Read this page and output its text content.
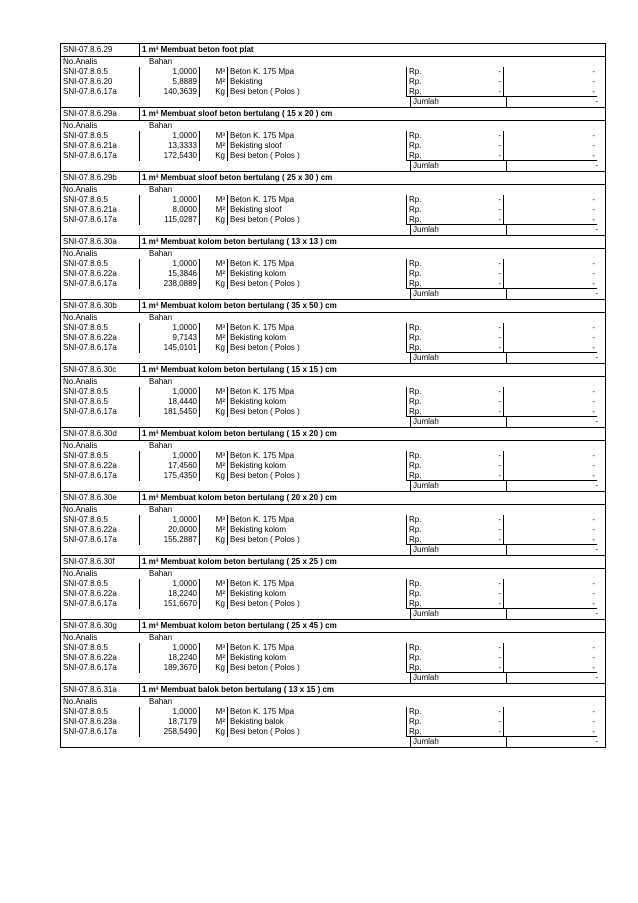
SNI-07.8.6.29	1 m³ Membuat beton foot plat
No.Analis	Bahan
SNI-07.8.6.5	1,0000	M³ Beton K. 175 Mpa	Rp.	-	-
SNI-07.8.6.20	5,8889	M² Bekisting	Rp.	-	-
SNI-07.8.6.17a	140,3639	Kg Besi beton ( Polos )	Rp.	-	-
Jumlah	-
SNI-07.8.6.29a	1 m³ Membuat sloof beton bertulang ( 15 x 20 ) cm
No.Analis	Bahan
SNI-07.8.6.5	1,0000	M³ Beton K. 175 Mpa	Rp.	-	-
SNI-07.8.6.21a	13,3333	M² Bekisting sloof	Rp.	-	-
SNI-07.8.6.17a	172,5430	Kg Besi beton ( Polos )	Rp.	-	-
Jumlah	-
SNI-07.8.6.29b	1 m³ Membuat sloof beton bertulang ( 25 x 30 ) cm
No.Analis	Bahan
SNI-07.8.6.5	1,0000	M³ Beton K. 175 Mpa	Rp.	-	-
SNI-07.8.6.21a	8,0000	M² Bekisting sloof	Rp.	-	-
SNI-07.8.6.17a	115,0287	Kg Besi beton ( Polos )	Rp.	-	-
Jumlah	-
SNI-07.8.6.30a	1 m³ Membuat kolom beton bertulang ( 13 x 13 ) cm
No.Analis	Bahan
SNI-07.8.6.5	1,0000	M³ Beton K. 175 Mpa	Rp.	-	-
SNI-07.8.6.22a	15,3846	M² Bekisting kolom	Rp.	-	-
SNI-07.8.6.17a	238,0889	Kg Besi beton ( Polos )	Rp.	-	-
Jumlah	-
SNI-07.8.6.30b	1 m³ Membuat kolom beton bertulang ( 35 x 50 ) cm
No.Analis	Bahan
SNI-07.8.6.5	1,0000	M³ Beton K. 175 Mpa	Rp.	-	-
SNI-07.8.6.22a	9,7143	M² Bekisting kolom	Rp.	-	-
SNI-07.8.6.17a	145,0101	Kg Besi beton ( Polos )	Rp.	-	-
Jumlah	-
SNI-07.8.6.30c	1 m³ Membuat kolom beton bertulang ( 15 x 15 ) cm
No.Analis	Bahan
SNI-07.8.6.5	1,0000	M³ Beton K. 175 Mpa	Rp.	-	-
SNI-07.8.6.5	18,4440	M² Bekisting kolom	Rp.	-	-
SNI-07.8.6.17a	181,5450	Kg Besi beton ( Polos )	Rp.	-	-
Jumlah	-
SNI-07.8.6.30d	1 m³ Membuat kolom beton bertulang ( 15 x 20 ) cm
No.Analis	Bahan
SNI-07.8.6.5	1,0000	M³ Beton K. 175 Mpa	Rp.	-	-
SNI-07.8.6.22a	17,4560	M² Bekisting kolom	Rp.	-	-
SNI-07.8.6.17a	175,4350	Kg Besi beton ( Polos )	Rp.	-	-
Jumlah	-
SNI-07.8.6.30e	1 m³ Membuat kolom beton bertulang ( 20 x 20 ) cm
No.Analis	Bahan
SNI-07.8.6.5	1,0000	M³ Beton K. 175 Mpa	Rp.	-	-
SNI-07.8.6.22a	20,0000	M² Bekisting kolom	Rp.	-	-
SNI-07.8.6.17a	155,2887	Kg Besi beton ( Polos )	Rp.	-	-
Jumlah	-
SNI-07.8.6.30f	1 m³ Membuat kolom beton bertulang ( 25 x 25 ) cm
No.Analis	Bahan
SNI-07.8.6.5	1,0000	M³ Beton K. 175 Mpa	Rp.	-	-
SNI-07.8.6.22a	18,2240	M² Bekisting kolom	Rp.	-	-
SNI-07.8.6.17a	151,6670	Kg Besi beton ( Polos )	Rp.	-	-
Jumlah	-
SNI-07.8.6.30g	1 m³ Membuat kolom beton bertulang ( 25 x 45 ) cm
No.Analis	Bahan
SNI-07.8.6.5	1,0000	M³ Beton K. 175 Mpa	Rp.	-	-
SNI-07.8.6.22a	18,2240	M² Bekisting kolom	Rp.	-	-
SNI-07.8.6.17a	189,3670	Kg Besi beton ( Polos )	Rp.	-	-
Jumlah	-
SNI-07.8.6.31a	1 m³ Membuat balok beton bertulang ( 13 x 15 ) cm
No.Analis	Bahan
SNI-07.8.6.5	1,0000	M³ Beton K. 175 Mpa	Rp.	-	-
SNI-07.8.6.23a	18,7179	M² Bekisting balok	Rp.	-	-
SNI-07.8.6.17a	258,5490	Kg Besi beton ( Polos )	Rp.	-	-
Jumlah	-
